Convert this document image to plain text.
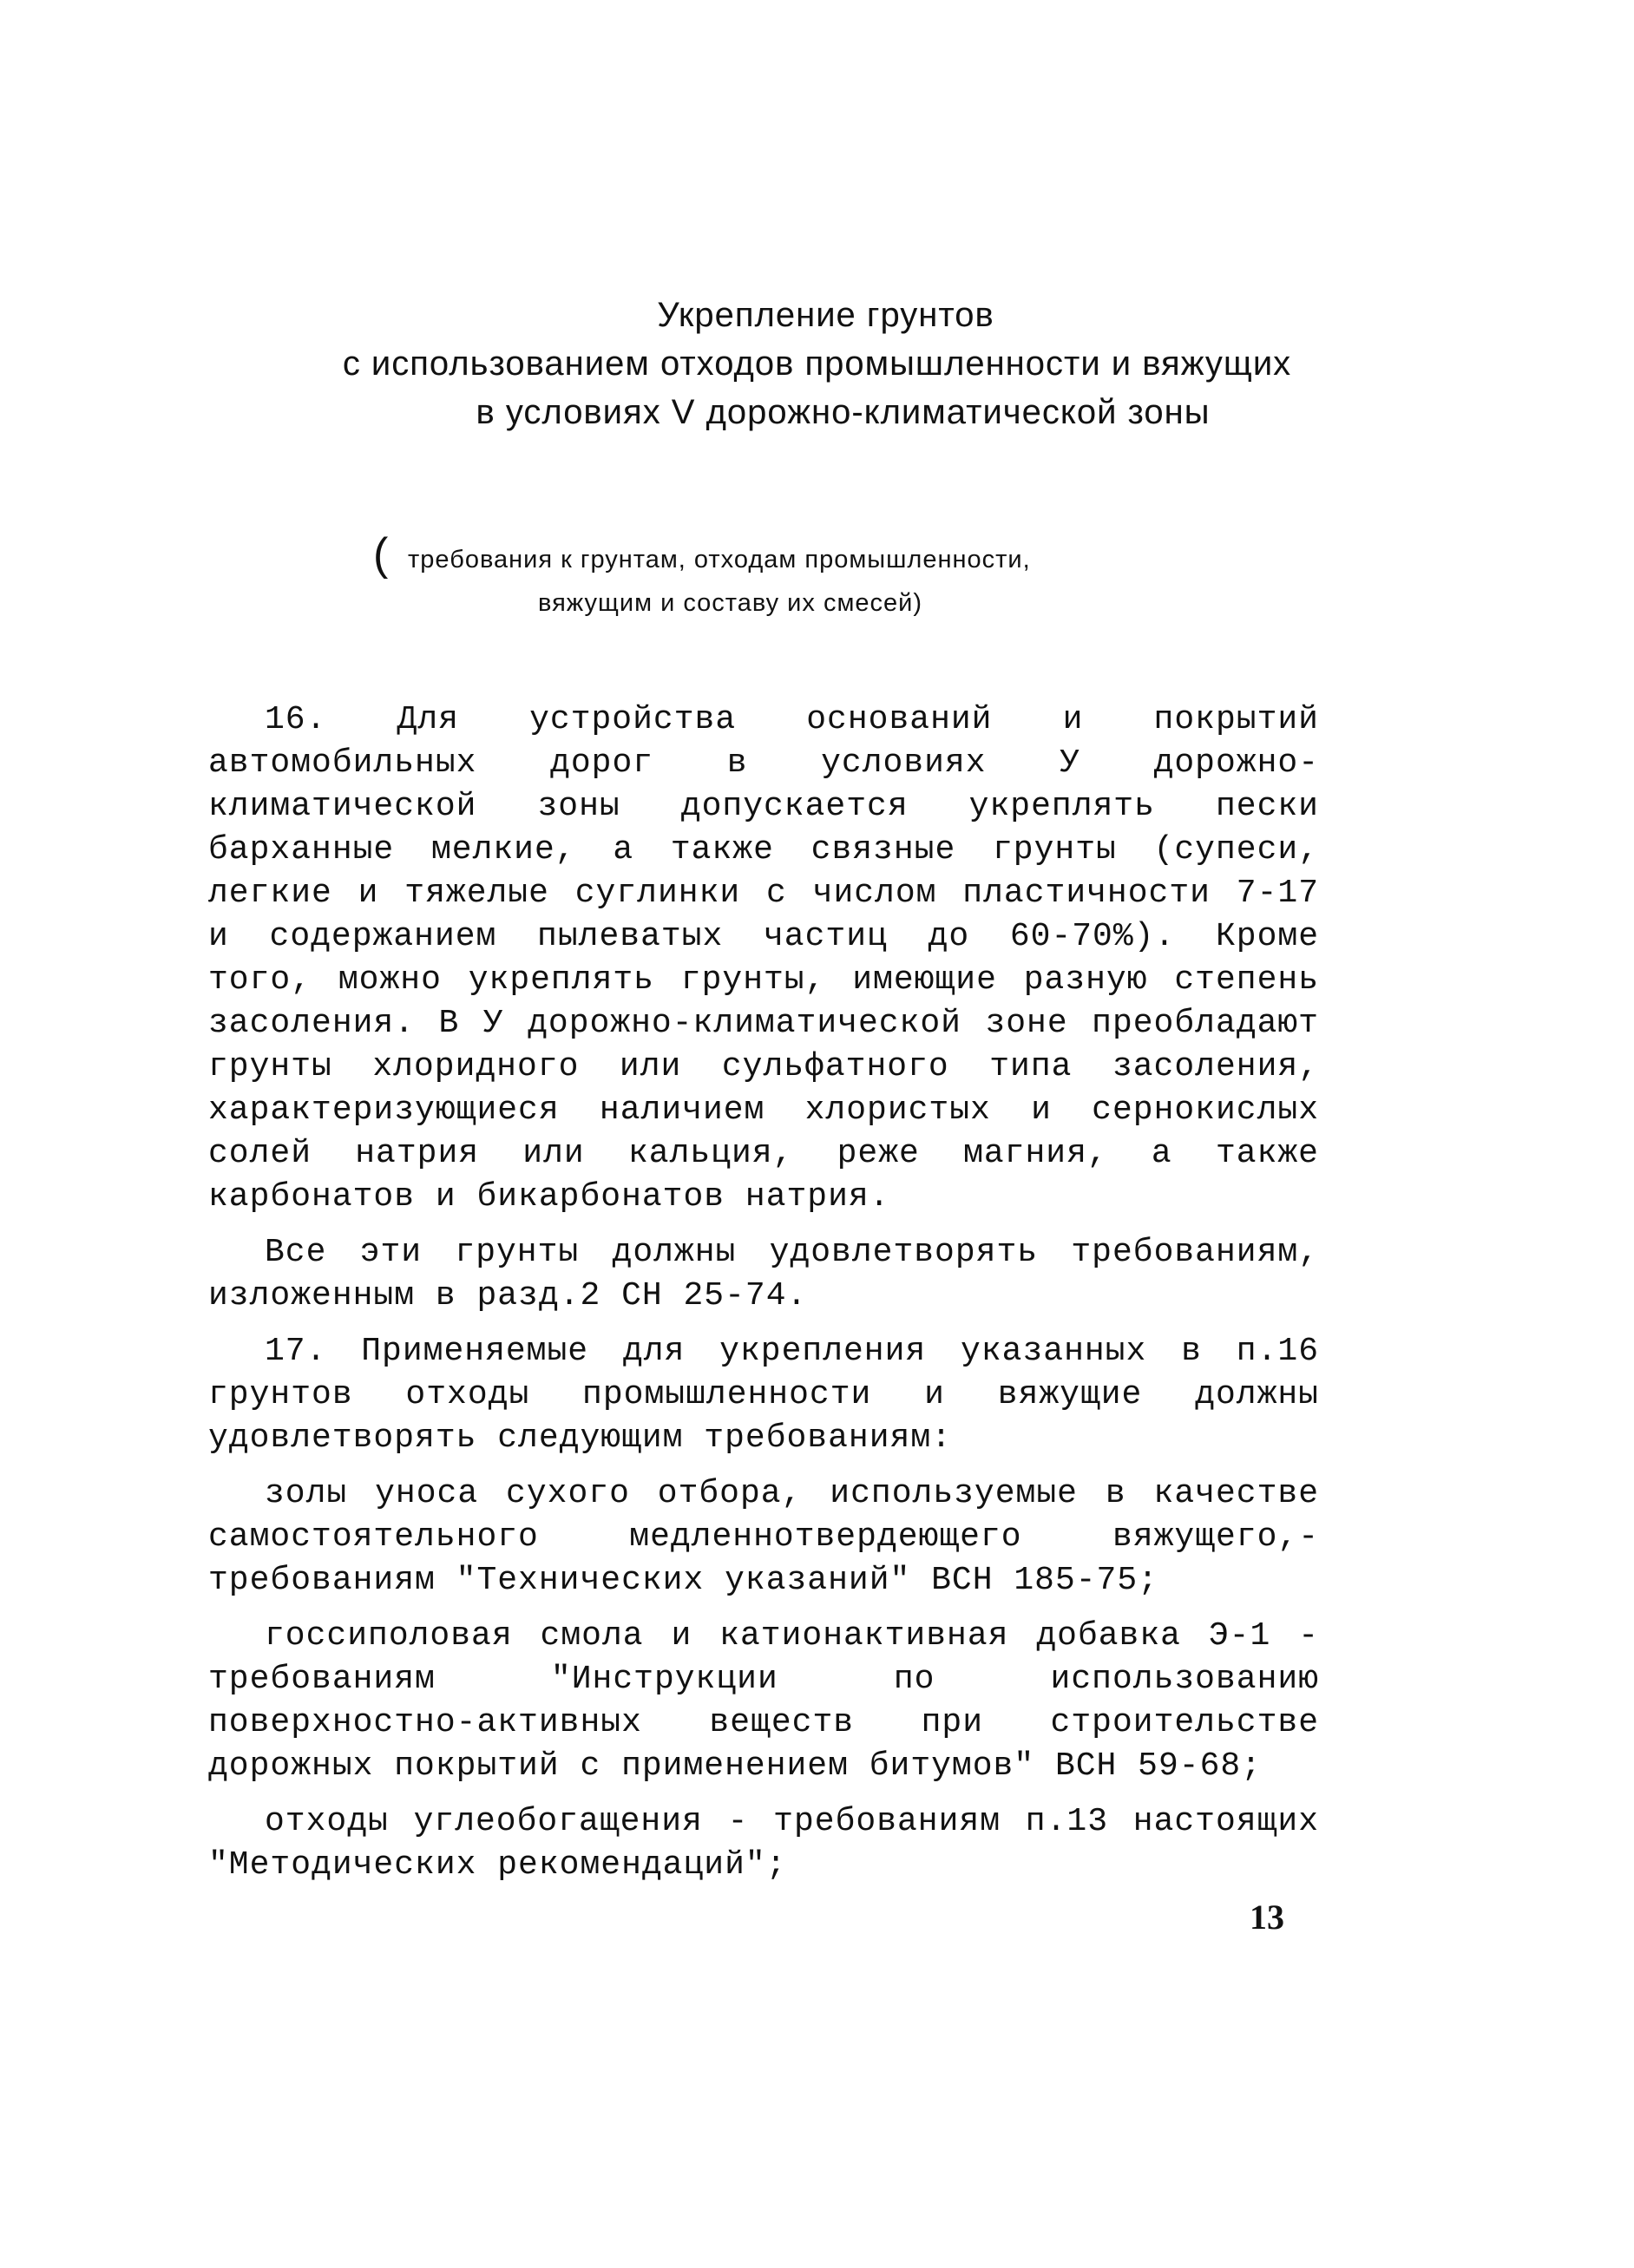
Укрепление грунтов
с использованием отходов промышленности и вяжущих
в условиях V дорожно-климатической зоны
( требования к грунтам, отходам промышленности,
вяжущим и составу их смесей)

16. Для устройства оснований и покрытий автомобильных дорог в условиях У дорожно-климатической зоны допускается укреплять пески барханные мелкие, а также связные грунты (супеси, легкие и тяжелые суглинки с числом пластичности 7-17 и содержанием пылеватых частиц до 60-70%). Кроме того, можно укреплять грунты, имеющие разную степень засоления. В У дорожно-климатической зоне преобладают грунты хлоридного или сульфатного типа засоления, характеризующиеся наличием хлористых и сернокислых солей натрия или кальция, реже магния, а также карбонатов и бикарбонатов натрия.

Все эти грунты должны удовлетворять требованиям, изложенным в разд.2 СН 25-74.

17. Применяемые для укрепления указанных в п.16 грунтов отходы промышленности и вяжущие должны удовлетворять следующим требованиям:

золы уноса сухого отбора, используемые в качестве самостоятельного медленнотвердеющего вяжущего,- требованиям "Технических указаний" ВСН 185-75;

госсиполовая смола и катионактивная добавка Э-1 - требованиям "Инструкции по использованию поверхностно-активных веществ при строительстве дорожных покрытий с применением битумов" ВСН 59-68;

отходы углеобогащения - требованиям п.13 настоящих "Методических рекомендаций";

13
